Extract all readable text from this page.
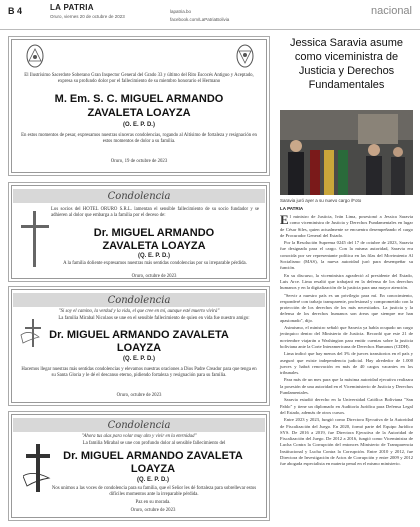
B 4	LA PATRIA
Oruro, viernes 20 de octubre de 2023
lapatria.bo
facebook.com/LaPatriaBolivia
nacional
El Ilustrísimo Sacerdote Soberano Gran Inspector General del Grado 33 y último del Rito Escocés Antiguo y Aceptado, expresa su profundo dolor por el fallecimiento de su miembro honorario el Hermano
M. Em. S. C. MIGUEL ARMANDO
ZAVALETA LOAYZA
(O. E. P. D.)
En estos momentos de pesar, expresamos nuestras sinceras condolencias, rogando al Altísimo de fortaleza y resignación en estos momentos de dolor a su familia.
Oruro, 19 de octubre de 2023
Condolencia
Los socios del HOTEL ORURO S.R.L. lamentan el sensible fallecimiento de su socio fundador y se adhieren al dolor que embarga a la familia por el deceso de:
Dr. MIGUEL ARMANDO
ZAVALETA LOAYZA
(Q. E. P. D.)
A la familia doliente expresamos nuestras más sentidas condolencias por su irreparable pérdida.
Oruro, octubre de 2023
Condolencia
"Si soy el camino, la verdad y la vida, el que cree en mí, aunque esté muerto vivirá"
La familia Mirabal Nicolaos se une en el sensible fallecimiento de quien en vida fue nuestro amigo:
Dr. MIGUEL ARMANDO ZAVALETA
LOAYZA
(Q. E. P. D.)
Hacemos llegar nuestras más sentidas condolencias y elevamos nuestras oraciones a Dios Padre Creador para que tenga en su Santa Gloria y le dé el descanso eterno, pidiendo fortaleza y resignación para su familia.
Oruro, octubre de 2023
Condolencia
"Ahora tus alas para volar muy alto y vivir en la eternidad"
La familia Mirabal se une con profundo dolor al sensible fallecimiento del
Dr. MIGUEL ARMANDO ZAVALETA
LOAYZA
(Q. E. P. D.)
Nos unimos a las voces de condolencia para su familia, que el Señor les dé fortaleza para sobrellevar estos difíciles momentos ante la irreparable pérdida.
Paz en su morada.
Oruro, octubre de 2023
Jessica Saravia asume como viceministra de Justicia y Derechos Fundamentales
Saravia juró ayer a su nuevo cargo /Foto
LA PATRIA

El ministro de Justicia, Iván Lima, posesionó a Jessica Saravia como viceministra de Justicia y Derechos Fundamentales en lugar de César Siles, quien actualmente se encuentra desempeñando el cargo de Procurador General del Estado.

Por la Resolución Suprema 0245 del 17 de octubre de 2023, Saravia fue designada para el cargo. Con la misma autoridad, Saravia era conocida por ser representante política en las filas del Movimiento Al Socialismo (MAS), la nueva autoridad juró para desempeñar su función.

En su discurso, la viceministra agradeció al presidente del Estado, Luis Arce. Lima resaltó que trabajará en la defensa de los derechos humanos y en la digitalización de la justicia para una mayor atención.

"Servir a nuestro país es un privilegio para mí. En conocimiento, responderé con trabajo transparente, profesional y comprometido con la protección de los derechos de los más necesitados. La justicia y la defensa de los derechos humanos son áreas que siempre me han apasionado", dijo.

Asimismo, el ministro señaló que Saravia ya había ocupado un cargo jerárquico dentro del Ministerio de Justicia. Recordó que este 21 de noviembre viajarán a Washington para emitir cuentas sobre la justicia boliviana ante la Corte Interamericana de Derechos Humanos (CIDH).

Lima indicó que hay menos del 3% de jueces transitorios en el país y aseguró que existe independencia judicial. Hay alrededor de 1.000 jueces y habrá renovación en más de 40 cargos vacantes en los tribunales.

Para más de un mes para que la máxima autoridad ejecutiva realizara la posesión de una autoridad en el Viceministerio de Justicia y Derechos Fundamentales.

Saravia estudió derecho en la Universidad Católica Boliviana "San Pablo" y tiene un diplomado en Auditoría Jurídica para Defensa Legal del Estado, además de otros cursos.

Entre 2023 y 2023, fungió como Directora Ejecutiva de la Autoridad de Fiscalización del Juego. En 2020, formó parte del Equipo Jurídico SYS. De 2016 a 2019, fue Directora Ejecutiva de la Autoridad de Fiscalización del Juego. De 2012 a 2016, fungió como Viceministra de Lucha Contra la Corrupción del entonces Ministerio de Transparencia Institucional y Lucha Contra la Corrupción. Entre 2010 y 2012, fue Directora de Investigación de Actos de Corrupción y entre 2009 y 2012 fue abogada especialista en materia penal en el mismo ministerio.
